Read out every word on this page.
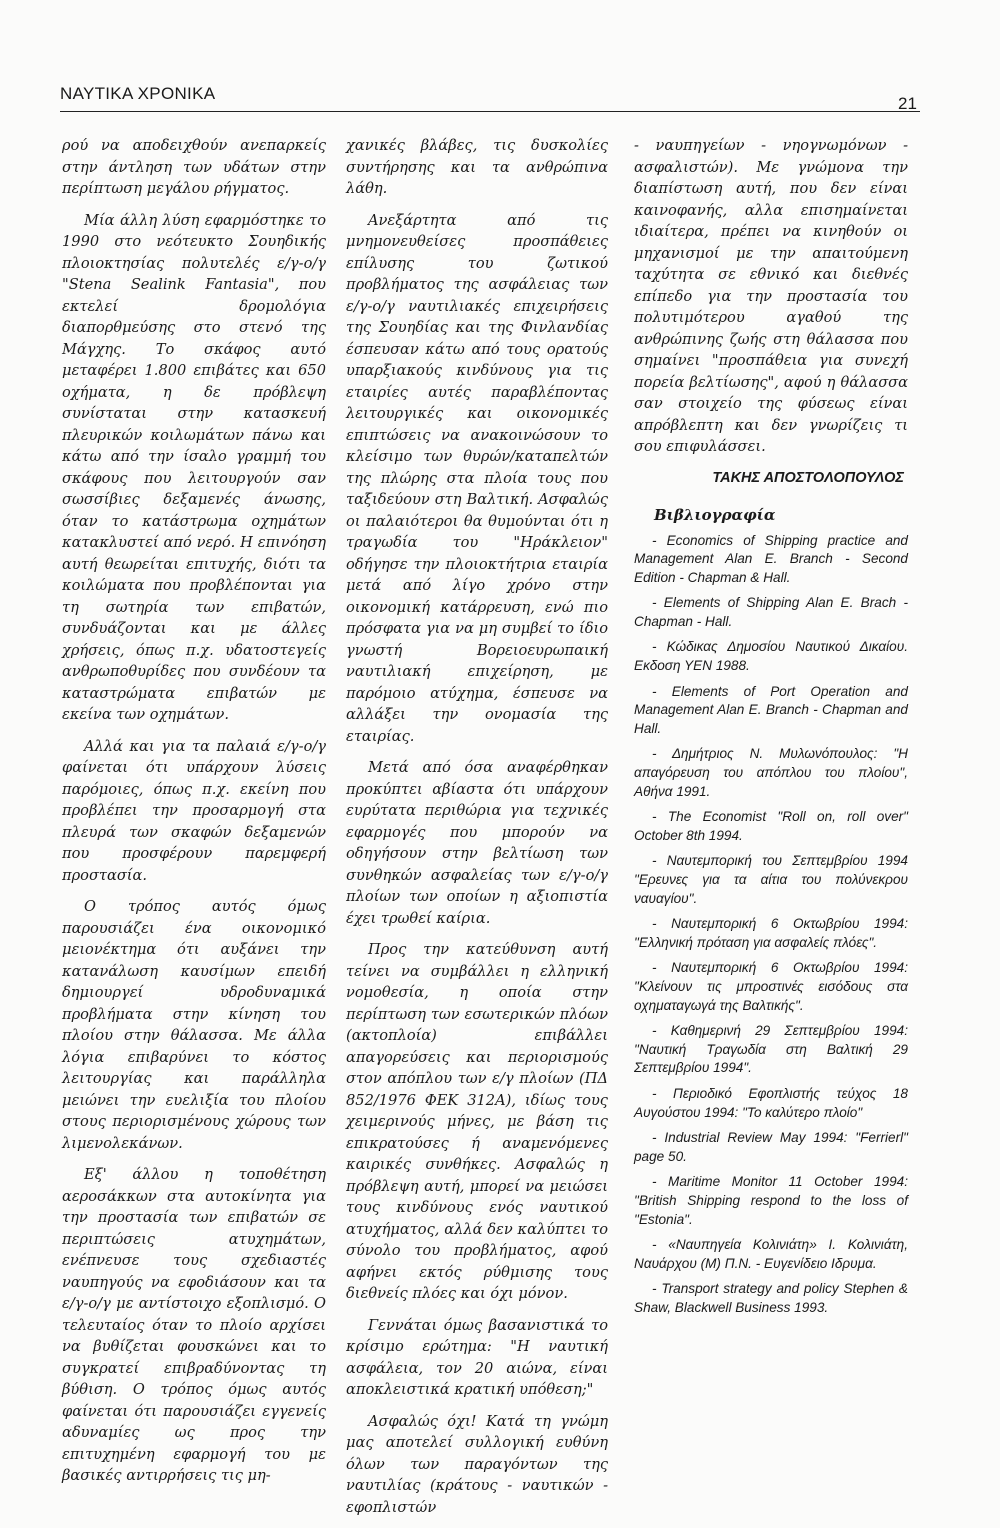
ΝΑΥΤΙΚΑ ΧΡΟΝΙΚΑ
21

ρού να αποδειχθούν ανεπαρκείς στην άντληση των υδάτων στην περίπτωση μεγάλου ρήγματος.

Μία άλλη λύση εφαρμόστηκε το 1990 στο νεότευκτο Σουηδικής πλοιοκτησίας πολυτελές ε/γ-ο/γ "Stena Sealink Fantasia", που εκτελεί δρομολόγια διαπορθμεύσης στο στενό της Μάγχης. Το σκάφος αυτό μεταφέρει 1.800 επιβάτες και 650 οχήματα, η δε πρόβλεψη συνίσταται στην κατασκευή πλευρικών κοιλωμάτων πάνω και κάτω από την ίσαλο γραμμή του σκάφους που λειτουργούν σαν σωσσίβιες δεξαμενές άνωσης, όταν το κατάστρωμα οχημάτων κατακλυστεί από νερό. Η επινόηση αυτή θεωρείται επιτυχής, διότι τα κοιλώματα που προβλέπονται για τη σωτηρία των επιβατών, συνδυάζονται και με άλλες χρήσεις, όπως π.χ. υδατοστεγείς ανθρωποθυρίδες που συνδέουν τα καταστρώματα επιβατών με εκείνα των οχημάτων.

Αλλά και για τα παλαιά ε/γ-ο/γ φαίνεται ότι υπάρχουν λύσεις παρόμοιες, όπως π.χ. εκείνη που προβλέπει την προσαρμογή στα πλευρά των σκαφών δεξαμενών που προσφέρουν παρεμφερή προστασία.

Ο τρόπος αυτός όμως παρουσιάζει ένα οικονομικό μειονέκτημα ότι αυξάνει την κατανάλωση καυσίμων επειδή δημιουργεί υδροδυναμικά προβλήματα στην κίνηση του πλοίου στην θάλασσα. Με άλλα λόγια επιβαρύνει το κόστος λειτουργίας και παράλληλα μειώνει την ευελιξία του πλοίου στους περιορισμένους χώρους των λιμενολεκάνων.

Εξ' άλλου η τοποθέτηση αεροσάκκων στα αυτοκίνητα για την προστασία των επιβατών σε περιπτώσεις ατυχημάτων, ενέπνευσε τους σχεδιαστές ναυπηγούς να εφοδιάσουν και τα ε/γ-ο/γ με αντίστοιχο εξοπλισμό. Ο τελευταίος όταν το πλοίο αρχίσει να βυθίζεται φουσκώνει και το συγκρατεί επιβραδύνοντας τη βύθιση. Ο τρόπος όμως αυτός φαίνεται ότι παρουσιάζει εγγενείς αδυναμίες ως προς την επιτυχημένη εφαρμογή του με βασικές αντιρρήσεις τις μη-

χανικές βλάβες, τις δυσκολίες συντήρησης και τα ανθρώπινα λάθη.

Ανεξάρτητα από τις μνημονευθείσες προσπάθειες επίλυσης του ζωτικού προβλήματος της ασφάλειας των ε/γ-ο/γ ναυτιλιακές επιχειρήσεις της Σουηδίας και της Φινλανδίας έσπευσαν κάτω από τους ορατούς υπαρξιακούς κινδύνους για τις εταιρίες αυτές παραβλέποντας λειτουργικές και οικονομικές επιπτώσεις να ανακοινώσουν το κλείσιμο των θυρών/καταπελτών της πλώρης στα πλοία τους που ταξιδεύουν στη Βαλτική. Ασφαλώς οι παλαιότεροι θα θυμούνται ότι η τραγωδία του "Ηράκλειον" οδήγησε την πλοιοκτήτρια εταιρία μετά από λίγο χρόνο στην οικονομική κατάρρευση, ενώ πιο πρόσφατα για να μη συμβεί το ίδιο γνωστή Βορειοευρωπαική ναυτιλιακή επιχείρηση, με παρόμοιο ατύχημα, έσπευσε να αλλάξει την ονομασία της εταιρίας.

Μετά από όσα αναφέρθηκαν προκύπτει αβίαστα ότι υπάρχουν ευρύτατα περιθώρια για τεχνικές εφαρμογές που μπορούν να οδηγήσουν στην βελτίωση των συνθηκών ασφαλείας των ε/γ-ο/γ πλοίων των οποίων η αξιοπιστία έχει τρωθεί καίρια.

Προς την κατεύθυνση αυτή τείνει να συμβάλλει η ελληνική νομοθεσία, η οποία στην περίπτωση των εσωτερικών πλόων (ακτοπλοία) επιβάλλει απαγορεύσεις και περιορισμούς στον απόπλου των ε/γ πλοίων (ΠΔ 852/1976 ΦΕΚ 312Α), ιδίως τους χειμερινούς μήνες, με βάση τις επικρατούσες ή αναμενόμενες καιρικές συνθήκες. Ασφαλώς η πρόβλεψη αυτή, μπορεί να μειώσει τους κινδύνους ενός ναυτικού ατυχήματος, αλλά δεν καλύπτει το σύνολο του προβλήματος, αφού αφήνει εκτός ρύθμισης τους διεθνείς πλόες και όχι μόνον.

Γεννάται όμως βασανιστικά το κρίσιμο ερώτημα: "Η ναυτική ασφάλεια, τον 20 αιώνα, είναι αποκλειστικά κρατική υπόθεση;"

Ασφαλώς όχι! Κατά τη γνώμη μας αποτελεί συλλογική ευθύνη όλων των παραγόντων της ναυτιλίας (κράτους - ναυτικών - εφοπλιστών

- ναυπηγείων - νηογνωμόνων - ασφαλιστών). Με γνώμονα την διαπίστωση αυτή, που δεν είναι καινοφανής, αλλα επισημαίνεται ιδιαίτερα, πρέπει να κινηθούν οι μηχανισμοί με την απαιτούμενη ταχύτητα σε εθνικό και διεθνές επίπεδο για την προστασία του πολυτιμότερου αγαθού της ανθρώπινης ζωής στη θάλασσα που σημαίνει "προσπάθεια για συνεχή πορεία βελτίωσης", αφού η θάλασσα σαν στοιχείο της φύσεως είναι απρόβλεπτη και δεν γνωρίζεις τι σου επιφυλάσσει.

ΤΑΚΗΣ ΑΠΟΣΤΟΛΟΠΟΥΛΟΣ
Βιβλιογραφία
- Economics of Shipping practice and Management Alan E. Branch - Second Edition - Chapman & Hall.
- Elements of Shipping Alan E. Brach - Chapman - Hall.
- Κώδικας Δημοσίου Ναυτικού Δικαίου. Εκδοση ΥΕΝ 1988.
- Elements of Port Operation and Management Alan E. Branch - Chapman and Hall.
- Δημήτριος Ν. Μυλωνόπουλος: "Η απαγόρευση του απόπλου του πλοίου", Αθήνα 1991.
- The Economist "Roll on, roll over" October 8th 1994.
- Ναυτεμπορική του Σεπτεμβρίου 1994 "Ερευνες για τα αίτια του πολύνεκρου ναυαγίου".
- Ναυτεμπορική 6 Οκτωβρίου 1994: "Ελληνική πρόταση για ασφαλείς πλόες".
- Ναυτεμπορική 6 Οκτωβρίου 1994: "Κλείνουν τις μπροστινές εισόδους στα οχηματαγωγά της Βαλτικής".
- Καθημερινή 29 Σεπτεμβρίου 1994: "Ναυτική Τραγωδία στη Βαλτική 29 Σεπτεμβρίου 1994".
- Περιοδικό Εφοπλιστής τεύχος 18 Αυγούστου 1994: "Το καλύτερο πλοίο"
- Industrial Review May 1994: "Ferrierl" page 50.
- Maritime Monitor 11 October 1994: "British Shipping respond to the loss of "Estonia".
- «Ναυπηγεία Κολινιάτη» Ι. Κολινιάτη, Ναυάρχου (Μ) Π.Ν. - Ευγενίδειο Ιδρυμα.
- Transport strategy and policy Stephen & Shaw, Blackwell Business 1993.
